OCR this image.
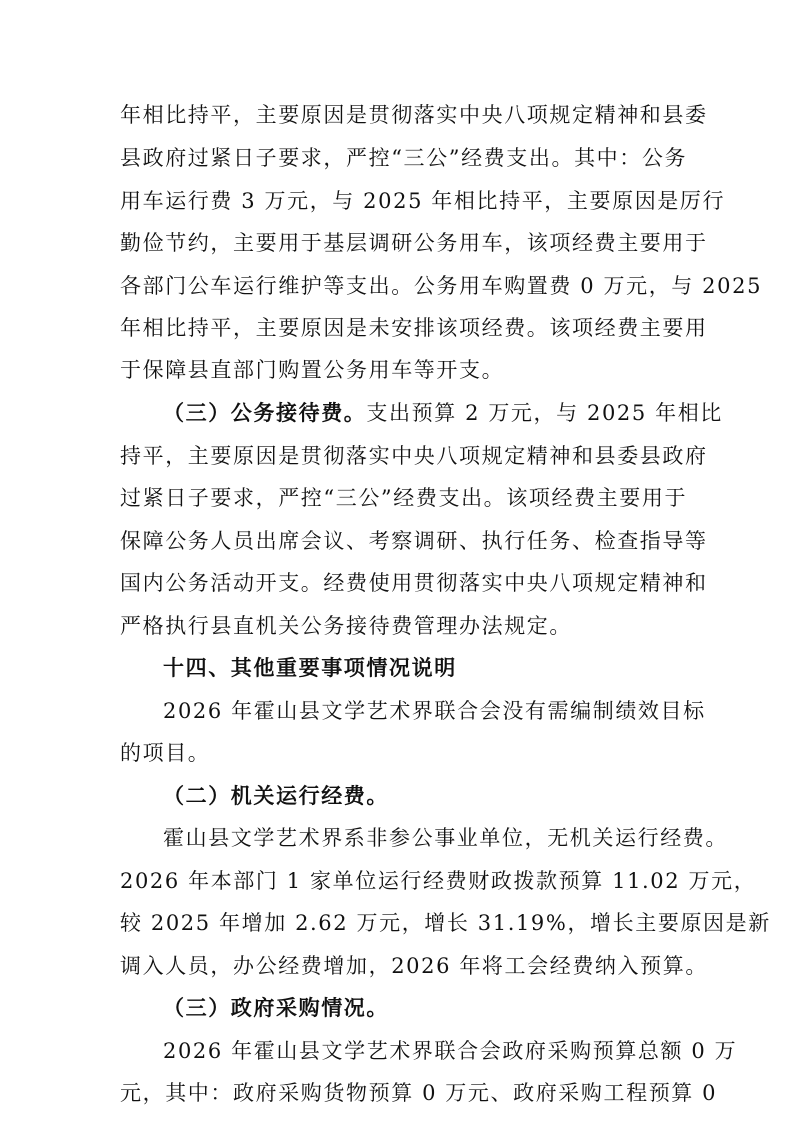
年相比持平，主要原因是贯彻落实中央八项规定精神和县委
县政府过紧日子要求，严控“三公”经费支出。其中：公务
用车运行费 3 万元，与 2025 年相比持平，主要原因是厉行
勤俭节约，主要用于基层调研公务用车，该项经费主要用于
各部门公车运行维护等支出。公务用车购置费 0 万元，与 2025
年相比持平，主要原因是未安排该项经费。该项经费主要用
于保障县直部门购置公务用车等开支。
（三）公务接待费。支出预算 2 万元，与 2025 年相比
持平，主要原因是贯彻落实中央八项规定精神和县委县政府
过紧日子要求，严控“三公”经费支出。该项经费主要用于
保障公务人员出席会议、考察调研、执行任务、检查指导等
国内公务活动开支。经费使用贯彻落实中央八项规定精神和
严格执行县直机关公务接待费管理办法规定。
十四、其他重要事项情况说明
2026 年霍山县文学艺术界联合会没有需编制绩效目标
的项目。
（二）机关运行经费。
霍山县文学艺术界系非参公事业单位，无机关运行经费。
2026 年本部门 1 家单位运行经费财政拨款预算 11.02 万元，
较 2025 年增加 2.62 万元，增长 31.19%，增长主要原因是新
调入人员，办公经费增加，2026 年将工会经费纳入预算。
（三）政府采购情况。
2026 年霍山县文学艺术界联合会政府采购预算总额 0 万
元，其中：政府采购货物预算 0 万元、政府采购工程预算 0
